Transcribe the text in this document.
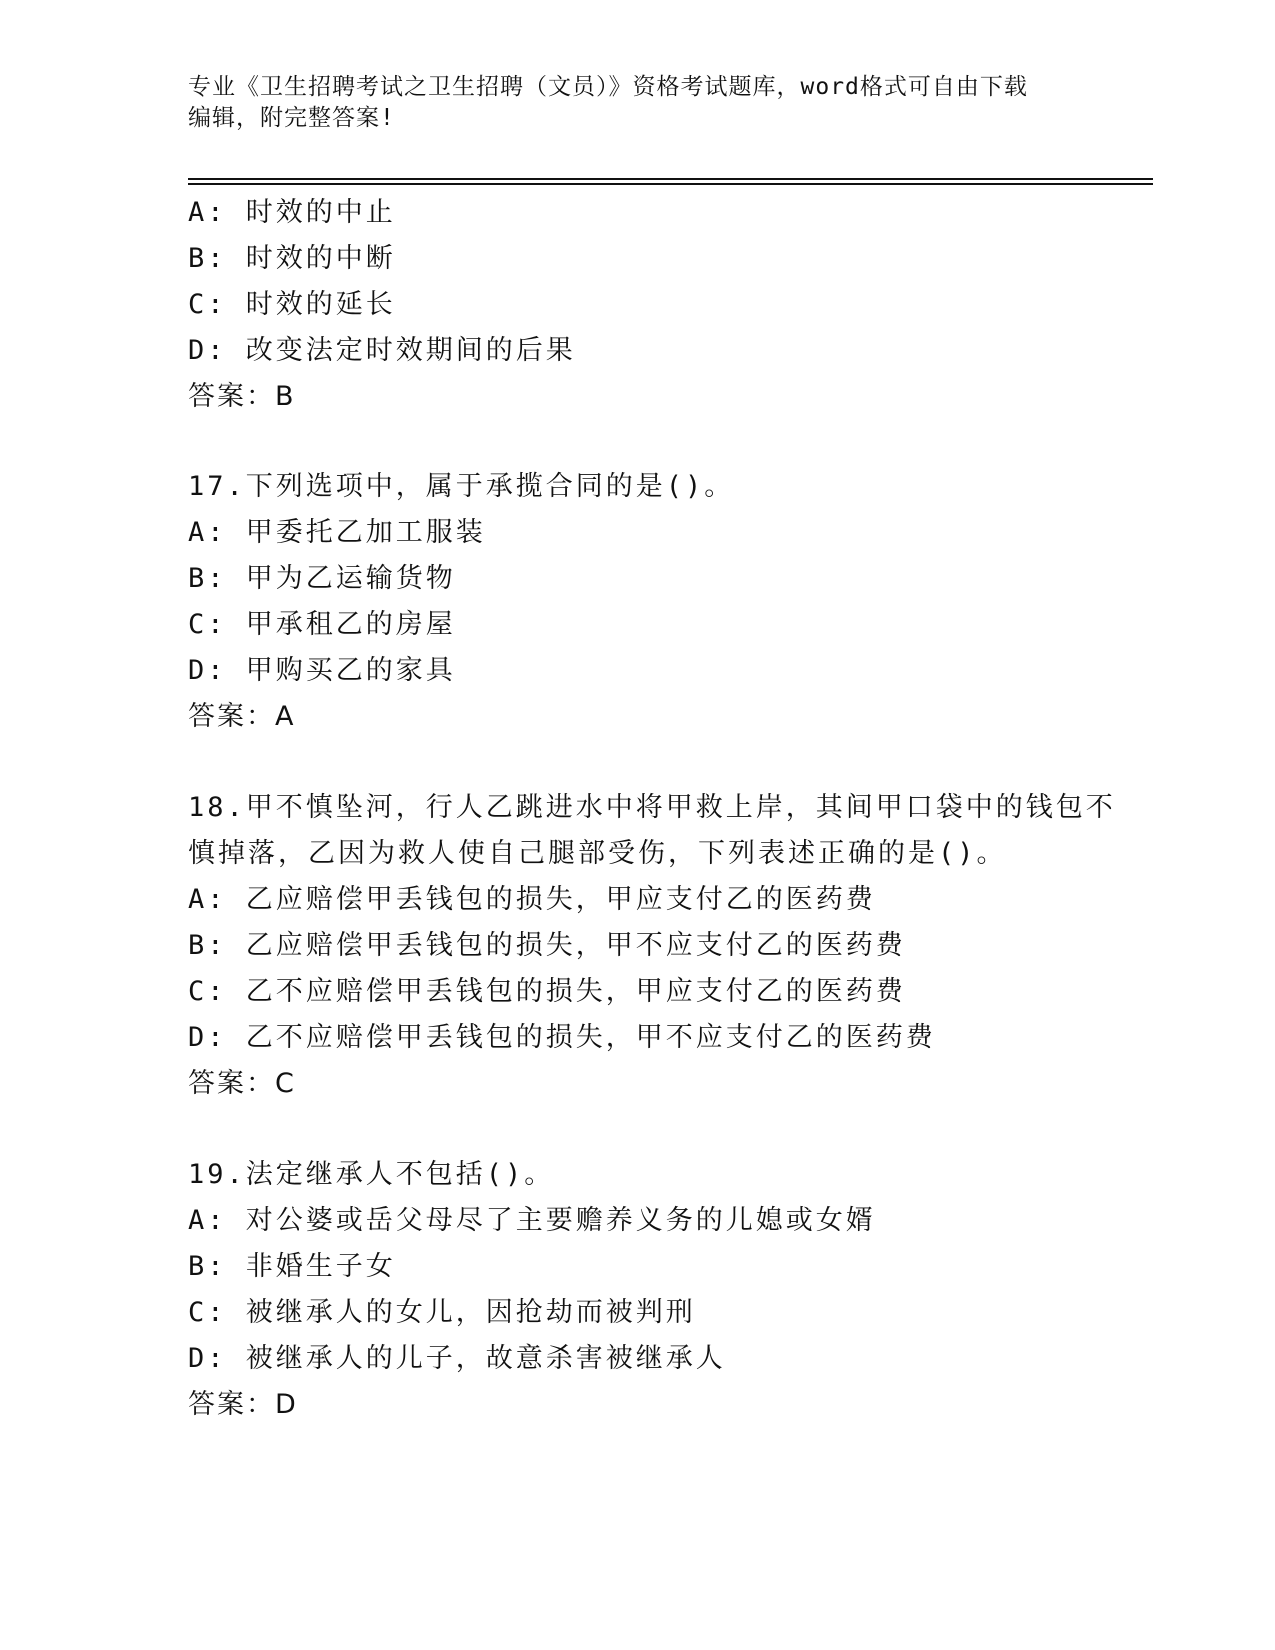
专业《卫生招聘考试之卫生招聘（文员）》资格考试题库，word格式可自由下载
编辑，附完整答案!
A: 时效的中止
B: 时效的中断
C: 时效的延长
D: 改变法定时效期间的后果
答案：B
17.下列选项中，属于承揽合同的是()。
A: 甲委托乙加工服装
B: 甲为乙运输货物
C: 甲承租乙的房屋
D: 甲购买乙的家具
答案：A
18.甲不慎坠河，行人乙跳进水中将甲救上岸，其间甲口袋中的钱包不
慎掉落，乙因为救人使自己腿部受伤，下列表述正确的是()。
A: 乙应赔偿甲丢钱包的损失，甲应支付乙的医药费
B: 乙应赔偿甲丢钱包的损失，甲不应支付乙的医药费
C: 乙不应赔偿甲丢钱包的损失，甲应支付乙的医药费
D: 乙不应赔偿甲丢钱包的损失，甲不应支付乙的医药费
答案：C
19.法定继承人不包括()。
A: 对公婆或岳父母尽了主要赡养义务的儿媳或女婿
B: 非婚生子女
C: 被继承人的女儿，因抢劫而被判刑
D: 被继承人的儿子，故意杀害被继承人
答案：D
